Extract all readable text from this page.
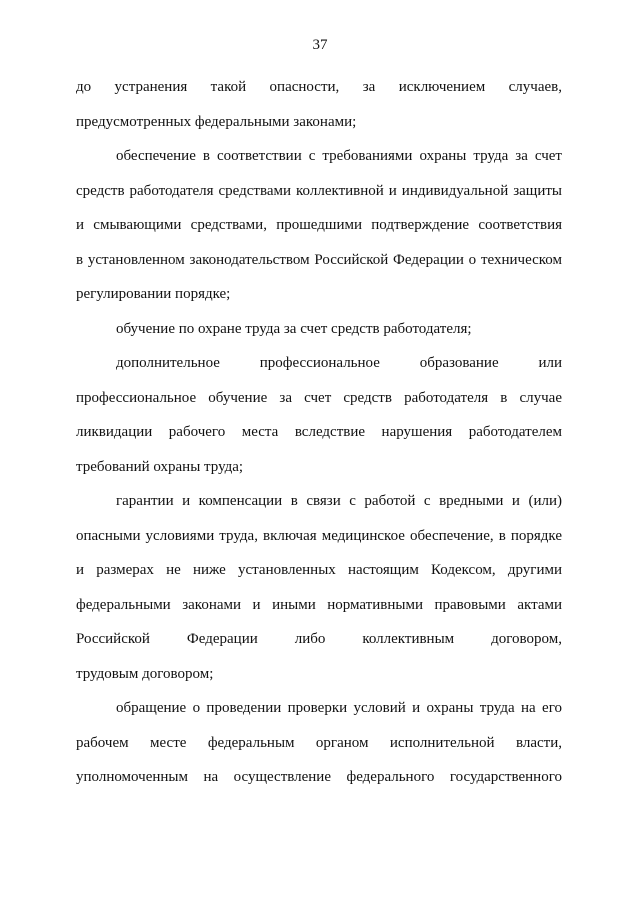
37
до устранения такой опасности, за исключением случаев,
предусмотренных федеральными законами;
обеспечение в соответствии с требованиями охраны труда за счет
средств работодателя средствами коллективной и индивидуальной защиты
и смывающими средствами, прошедшими подтверждение соответствия
в установленном законодательством Российской Федерации о техническом
регулировании порядке;
обучение по охране труда за счет средств работодателя;
дополнительное профессиональное образование или
профессиональное обучение за счет средств работодателя в случае
ликвидации рабочего места вследствие нарушения работодателем
требований охраны труда;
гарантии и компенсации в связи с работой с вредными и (или)
опасными условиями труда, включая медицинское обеспечение, в порядке
и размерах не ниже установленных настоящим Кодексом, другими
федеральными законами и иными нормативными правовыми актами
Российской Федерации либо коллективным договором,
трудовым договором;
обращение о проведении проверки условий и охраны труда на его
рабочем месте федеральным органом исполнительной власти,
уполномоченным на осуществление федерального государственного
